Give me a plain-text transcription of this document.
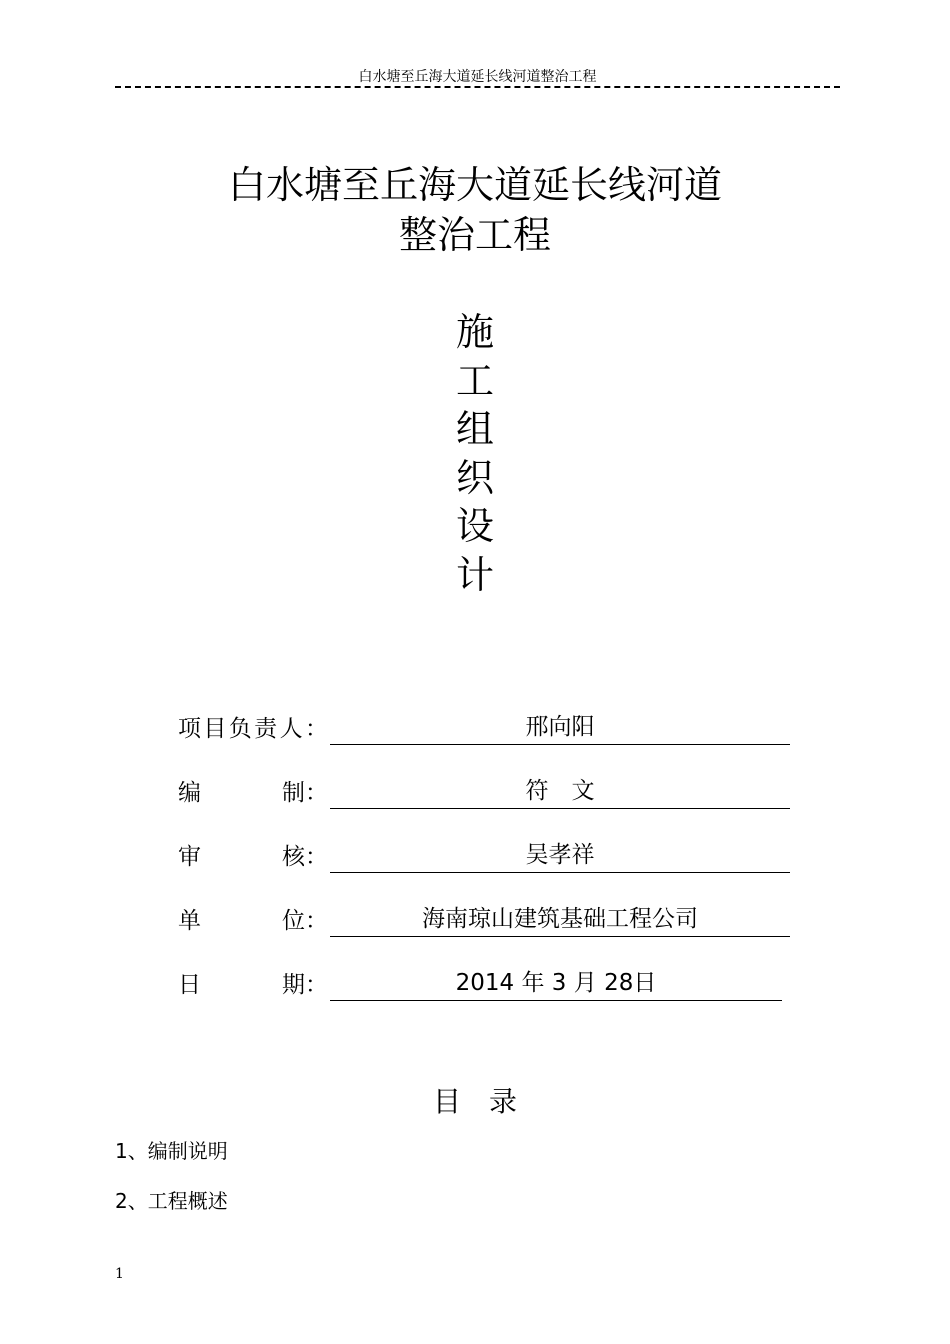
白水塘至丘海大道延长线河道整治工程
白水塘至丘海大道延长线河道
整治工程
施
工
组
织
设
计
项 目 负 责 人 ：	邢向阳
编	制：	符　文
审	核：	吴孝祥
单	位：	海南琼山建筑基础工程公司
日	期：	2014 年 3 月 28日
目　录
1、编制说明
2、工程概述
1
